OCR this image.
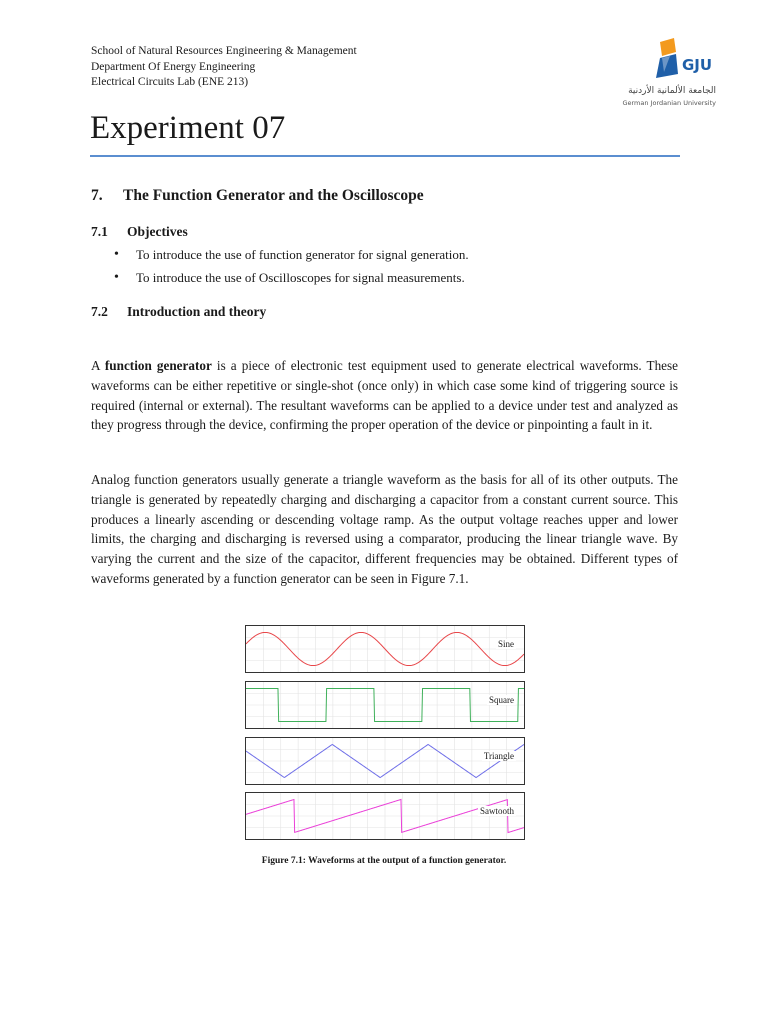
School of Natural Resources Engineering & Management
Department Of Energy Engineering
Electrical Circuits Lab (ENE 213)
GJU
الجامعة الألمانية الأردنية
German Jordanian University
Experiment 07
7. The Function Generator and the Oscilloscope
7.1 Objectives
• To introduce the use of function generator for signal generation.
• To introduce the use of Oscilloscopes for signal measurements.
7.2 Introduction and theory

A function generator is a piece of electronic test equipment used to generate electrical waveforms. These waveforms can be either repetitive or single-shot (once only) in which case some kind of triggering source is required (internal or external). The resultant waveforms can be applied to a device under test and analyzed as they progress through the device, confirming the proper operation of the device or pinpointing a fault in it.

Analog function generators usually generate a triangle waveform as the basis for all of its other outputs. The triangle is generated by repeatedly charging and discharging a capacitor from a constant current source. This produces a linearly ascending or descending voltage ramp. As the output voltage reaches upper and lower limits, the charging and discharging is reversed using a comparator, producing the linear triangle wave. By varying the current and the size of the capacitor, different frequencies may be obtained. Different types of waveforms generated by a function generator can be seen in Figure 7.1.

Sine
Square
Triangle
Sawtooth
Figure 7.1: Waveforms at the output of a function generator.
